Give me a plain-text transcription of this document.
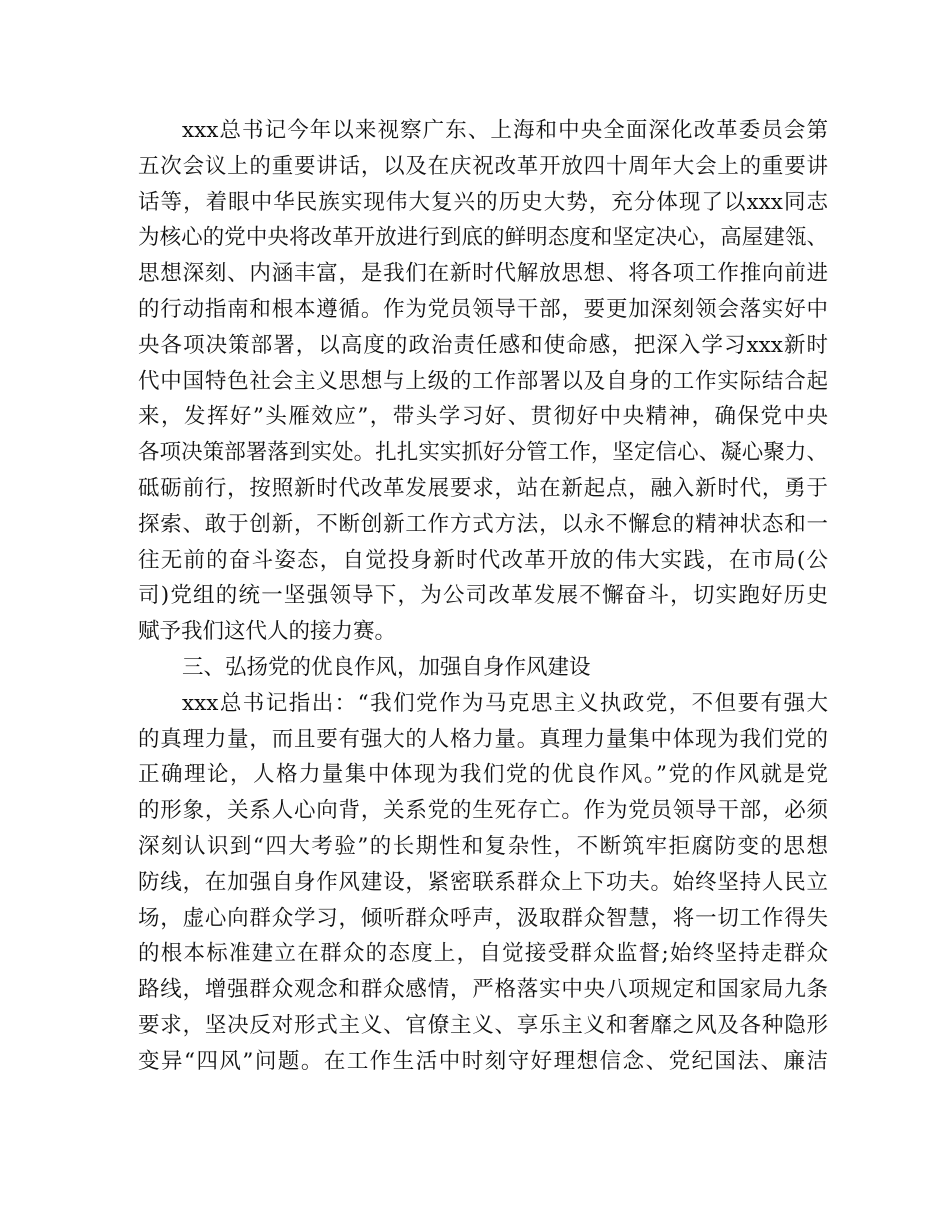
xxx总书记今年以来视察广东、上海和中央全面深化改革委员会第
五次会议上的重要讲话，以及在庆祝改革开放四十周年大会上的重要讲
话等，着眼中华民族实现伟大复兴的历史大势，充分体现了以xxx同志
为核心的党中央将改革开放进行到底的鲜明态度和坚定决心，高屋建瓴、
思想深刻、内涵丰富，是我们在新时代解放思想、将各项工作推向前进
的行动指南和根本遵循。作为党员领导干部，要更加深刻领会落实好中
央各项决策部署，以高度的政治责任感和使命感，把深入学习xxx新时
代中国特色社会主义思想与上级的工作部署以及自身的工作实际结合起
来，发挥好”头雁效应”，带头学习好、贯彻好中央精神，确保党中央
各项决策部署落到实处。扎扎实实抓好分管工作，坚定信心、凝心聚力、
砥砺前行，按照新时代改革发展要求，站在新起点，融入新时代，勇于
探索、敢于创新，不断创新工作方式方法，以永不懈怠的精神状态和一
往无前的奋斗姿态，自觉投身新时代改革开放的伟大实践，在市局(公
司)党组的统一坚强领导下，为公司改革发展不懈奋斗，切实跑好历史
赋予我们这代人的接力赛。
三、弘扬党的优良作风，加强自身作风建设
xxx总书记指出：“我们党作为马克思主义执政党，不但要有强大
的真理力量，而且要有强大的人格力量。真理力量集中体现为我们党的
正确理论，人格力量集中体现为我们党的优良作风。”党的作风就是党
的形象，关系人心向背，关系党的生死存亡。作为党员领导干部，必须
深刻认识到“四大考验”的长期性和复杂性，不断筑牢拒腐防变的思想
防线，在加强自身作风建设，紧密联系群众上下功夫。始终坚持人民立
场，虚心向群众学习，倾听群众呼声，汲取群众智慧，将一切工作得失
的根本标准建立在群众的态度上，自觉接受群众监督;始终坚持走群众
路线，增强群众观念和群众感情，严格落实中央八项规定和国家局九条
要求，坚决反对形式主义、官僚主义、享乐主义和奢靡之风及各种隐形
变异“四风”问题。在工作生活中时刻守好理想信念、党纪国法、廉洁
